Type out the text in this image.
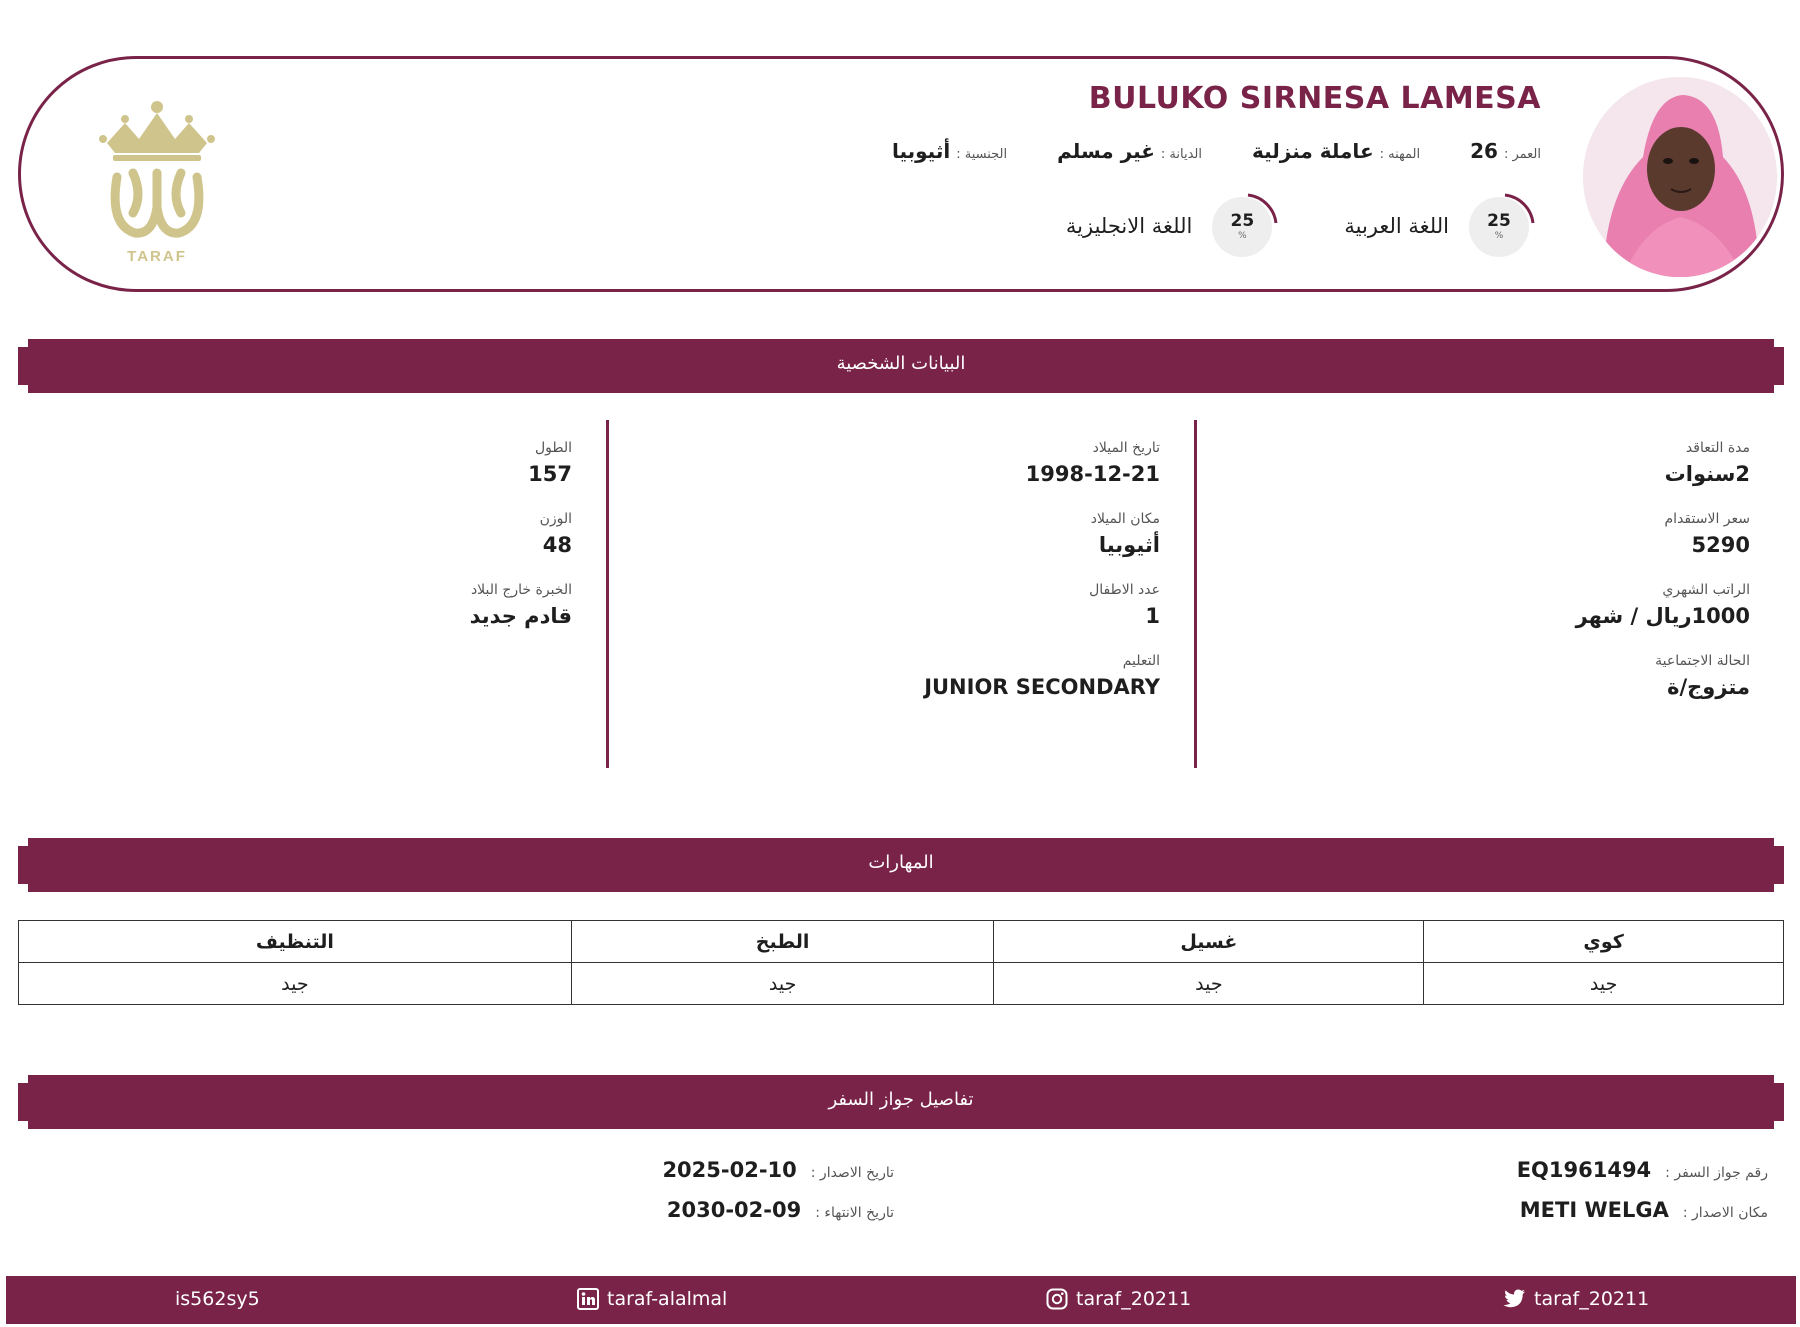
TARAF
BULUKO SIRNESA LAMESA
الجنسية :
أثيوبيا	الديانة :
غير مسلم	المهنه :
عاملة منزلية	العمر :
26
25
%
اللغة العربية
25
%
اللغة الانجليزية
البيانات الشخصية
مدة التعاقد
2سنوات
سعر الاستقدام
5290
الراتب الشهري
1000ريال / شهر
الحالة الاجتماعية
متزوج/ة
تاريخ الميلاد
1998-12-21
مكان الميلاد
أثيوبيا
عدد الاطفال
1
التعليم
JUNIOR SECONDARY
الطول
157
الوزن
48
الخبرة خارج البلاد
قادم جديد
المهارات
كوي	غسيل	الطبخ	التنظيف
جيد	جيد	جيد	جيد
تفاصيل جواز السفر
رقم جواز السفر :
EQ1961494
مكان الاصدار :
METI WELGA
تاريخ الاصدار :
2025-02-10
تاريخ الانتهاء :
2030-02-09
is562sy5	taraf-alalmal	taraf_20211	taraf_20211
